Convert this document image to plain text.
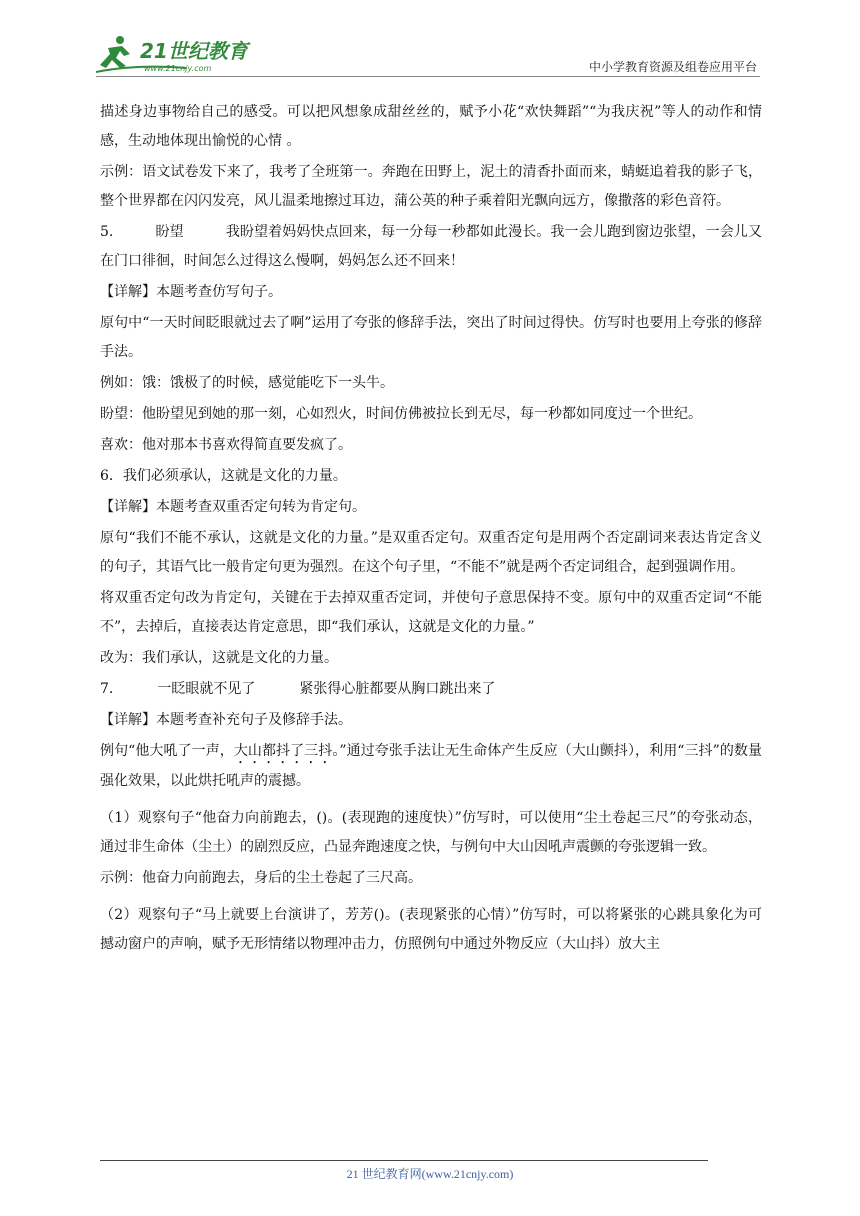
21世纪教育
www.21cnjy.com	中小学教育资源及组卷应用平台

描述身边事物给自己的感受。可以把风想象成甜丝丝的，赋予小花“欢快舞蹈”“为我庆祝”等人的动作和情感，生动地体现出愉悦的心情 。

示例：语文试卷发下来了，我考了全班第一。奔跑在田野上，泥土的清香扑面而来，蜻蜓追着我的影子飞，整个世界都在闪闪发亮，风儿温柔地擦过耳边，蒲公英的种子乘着阳光飘向远方，像撒落的彩色音符。

5.	盼望	我盼望着妈妈快点回来，每一分每一秒都如此漫长。我一会儿跑到窗边张望，一会儿又在门口徘徊，时间怎么过得这么慢啊，妈妈怎么还不回来！

【详解】本题考查仿写句子。

原句中“一天时间眨眼就过去了啊”运用了夸张的修辞手法，突出了时间过得快。仿写时也要用上夸张的修辞手法。

例如：饿：饿极了的时候，感觉能吃下一头牛。

盼望：他盼望见到她的那一刻，心如烈火，时间仿佛被拉长到无尽，每一秒都如同度过一个世纪。

喜欢：他对那本书喜欢得简直要发疯了。

6．我们必须承认，这就是文化的力量。

【详解】本题考查双重否定句转为肯定句。

原句“我们不能不承认，这就是文化的力量。”是双重否定句。双重否定句是用两个否定副词来表达肯定含义的句子，其语气比一般肯定句更为强烈。在这个句子里，“不能不”就是两个否定词组合，起到强调作用。

将双重否定句改为肯定句，关键在于去掉双重否定词，并使句子意思保持不变。原句中的双重否定词“不能不”，去掉后，直接表达肯定意思，即“我们承认，这就是文化的力量。”

改为：我们承认，这就是文化的力量。

7.	一眨眼就不见了	紧张得心脏都要从胸口跳出来了

【详解】本题考查补充句子及修辞手法。

例句“他大吼了一声，大山都抖了三抖。”通过夸张手法让无生命体产生反应（大山颤抖），利用“三抖”的数量强化效果，以此烘托吼声的震撼。

（1）观察句子“他奋力向前跑去，()。(表现跑的速度快）”仿写时，可以使用“尘土卷起三尺”的夸张动态，通过非生命体（尘土）的剧烈反应，凸显奔跑速度之快，与例句中大山因吼声震颤的夸张逻辑一致。

示例：他奋力向前跑去，身后的尘土卷起了三尺高。

（2）观察句子“马上就要上台演讲了，芳芳()。(表现紧张的心情）”仿写时，可以将紧张的心跳具象化为可撼动窗户的声响，赋予无形情绪以物理冲击力，仿照例句中通过外物反应（大山抖）放大主

21 世纪教育网(www.21cnjy.com)
